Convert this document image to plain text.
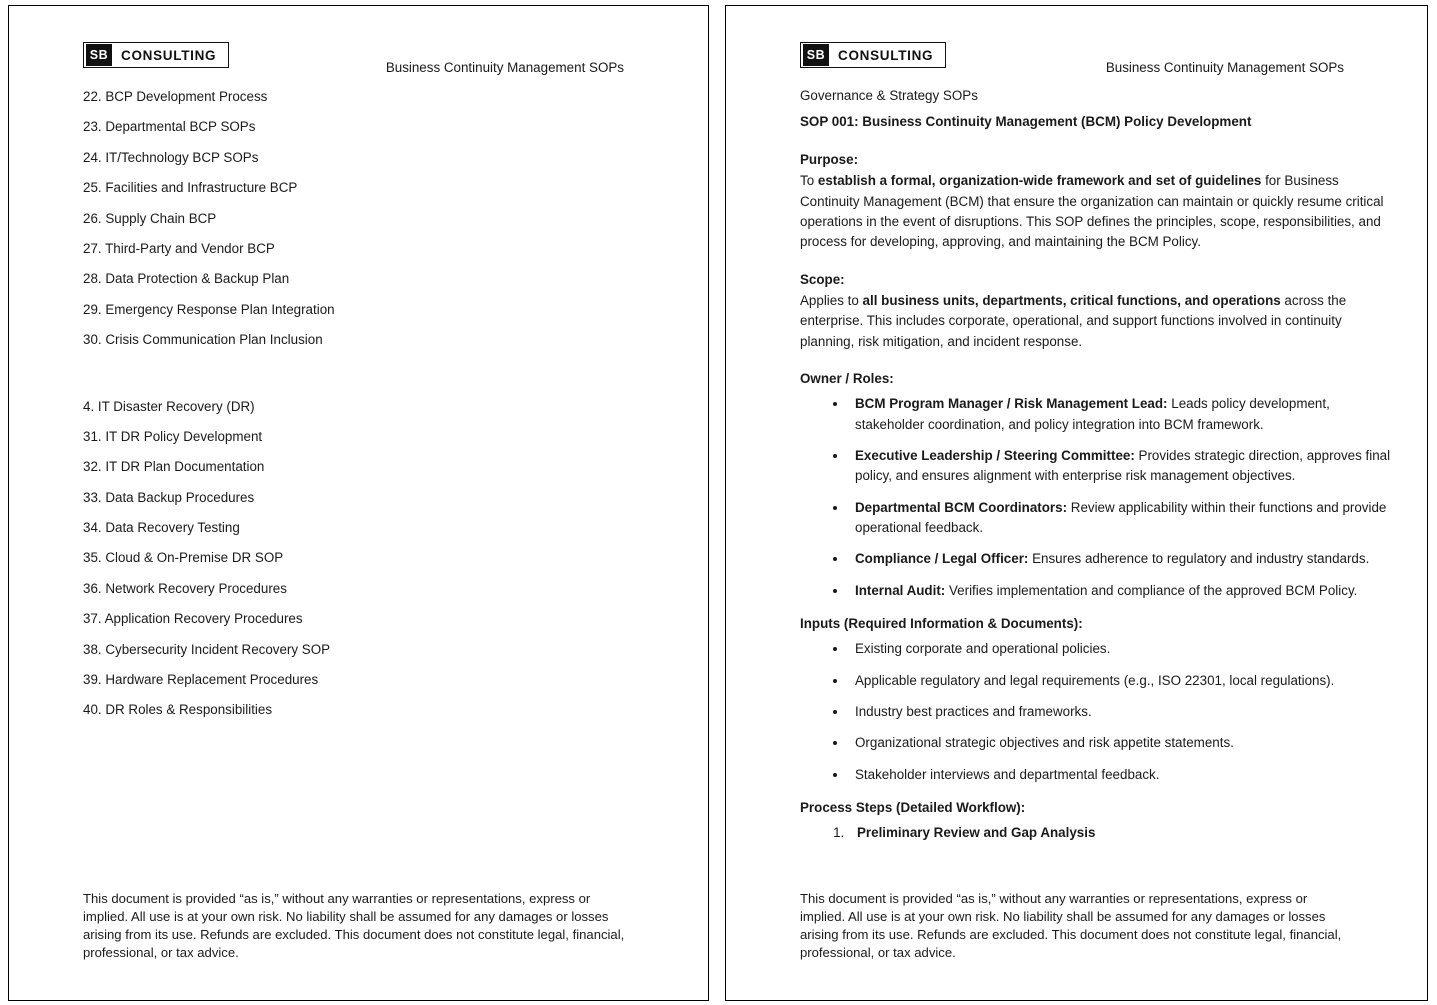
SB CONSULTING
Business Continuity Management SOPs
22. BCP Development Process
23. Departmental BCP SOPs
24. IT/Technology BCP SOPs
25. Facilities and Infrastructure BCP
26. Supply Chain BCP
27. Third-Party and Vendor BCP
28. Data Protection & Backup Plan
29. Emergency Response Plan Integration
30. Crisis Communication Plan Inclusion
4. IT Disaster Recovery (DR)
31. IT DR Policy Development
32. IT DR Plan Documentation
33. Data Backup Procedures
34. Data Recovery Testing
35. Cloud & On-Premise DR SOP
36. Network Recovery Procedures
37. Application Recovery Procedures
38. Cybersecurity Incident Recovery SOP
39. Hardware Replacement Procedures
40. DR Roles & Responsibilities
This document is provided “as is,” without any warranties or representations, express or implied. All use is at your own risk. No liability shall be assumed for any damages or losses arising from its use. Refunds are excluded. This document does not constitute legal, financial, professional, or tax advice.
SB CONSULTING
Business Continuity Management SOPs
Governance & Strategy SOPs
SOP 001: Business Continuity Management (BCM) Policy Development
Purpose:
To establish a formal, organization-wide framework and set of guidelines for Business Continuity Management (BCM) that ensure the organization can maintain or quickly resume critical operations in the event of disruptions. This SOP defines the principles, scope, responsibilities, and process for developing, approving, and maintaining the BCM Policy.
Scope:
Applies to all business units, departments, critical functions, and operations across the enterprise. This includes corporate, operational, and support functions involved in continuity planning, risk mitigation, and incident response.
Owner / Roles:
• BCM Program Manager / Risk Management Lead: Leads policy development, stakeholder coordination, and policy integration into BCM framework.
• Executive Leadership / Steering Committee: Provides strategic direction, approves final policy, and ensures alignment with enterprise risk management objectives.
• Departmental BCM Coordinators: Review applicability within their functions and provide operational feedback.
• Compliance / Legal Officer: Ensures adherence to regulatory and industry standards.
• Internal Audit: Verifies implementation and compliance of the approved BCM Policy.
Inputs (Required Information & Documents):
• Existing corporate and operational policies.
• Applicable regulatory and legal requirements (e.g., ISO 22301, local regulations).
• Industry best practices and frameworks.
• Organizational strategic objectives and risk appetite statements.
• Stakeholder interviews and departmental feedback.
Process Steps (Detailed Workflow):
1. Preliminary Review and Gap Analysis
This document is provided “as is,” without any warranties or representations, express or implied. All use is at your own risk. No liability shall be assumed for any damages or losses arising from its use. Refunds are excluded. This document does not constitute legal, financial, professional, or tax advice.
